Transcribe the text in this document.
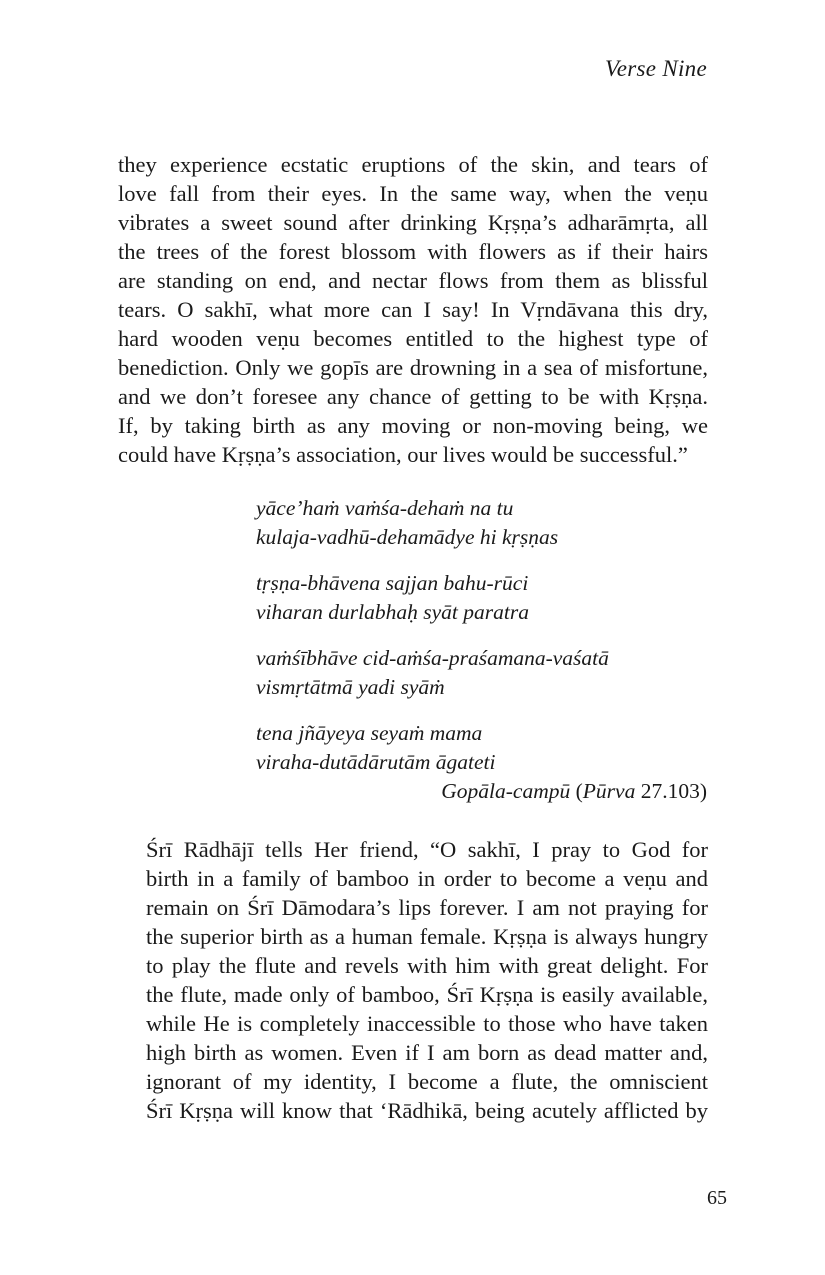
Verse Nine
they experience ecstatic eruptions of the skin, and tears of
love fall from their eyes. In the same way, when the veṇu
vibrates a sweet sound after drinking Kṛṣṇa’s adharāmṛta, all
the trees of the forest blossom with flowers as if their hairs
are standing on end, and nectar flows from them as blissful
tears. O sakhī, what more can I say! In Vṛndāvana this dry,
hard wooden veṇu becomes entitled to the highest type of
benediction. Only we gopīs are drowning in a sea of misfortune,
and we don’t foresee any chance of getting to be with Kṛṣṇa.
If, by taking birth as any moving or non-moving being, we
could have Kṛṣṇa’s association, our lives would be successful.”
yāce’haṁ vaṁśa-dehaṁ na tu
kulaja-vadhū-dehamādye hi kṛṣṇas
tṛṣṇa-bhāvena sajjan bahu-rūci
viharan durlabhaḥ syāt paratra
vaṁśībhāve cid-aṁśa-praśamana-vaśatā
vismṛtātmā yadi syāṁ
tena jñāyeya seyaṁ mama
viraha-dutādārutām āgateti
Gopāla-campū (Pūrva 27.103)
Śrī Rādhājī tells Her friend, “O sakhī, I pray to God for
birth in a family of bamboo in order to become a veṇu and
remain on Śrī Dāmodara’s lips forever. I am not praying for
the superior birth as a human female. Kṛṣṇa is always hungry
to play the flute and revels with him with great delight. For
the flute, made only of bamboo, Śrī Kṛṣṇa is easily available,
while He is completely inaccessible to those who have taken
high birth as women. Even if I am born as dead matter and,
ignorant of my identity, I become a flute, the omniscient
Śrī Kṛṣṇa will know that ‘Rādhikā, being acutely afflicted by
65
